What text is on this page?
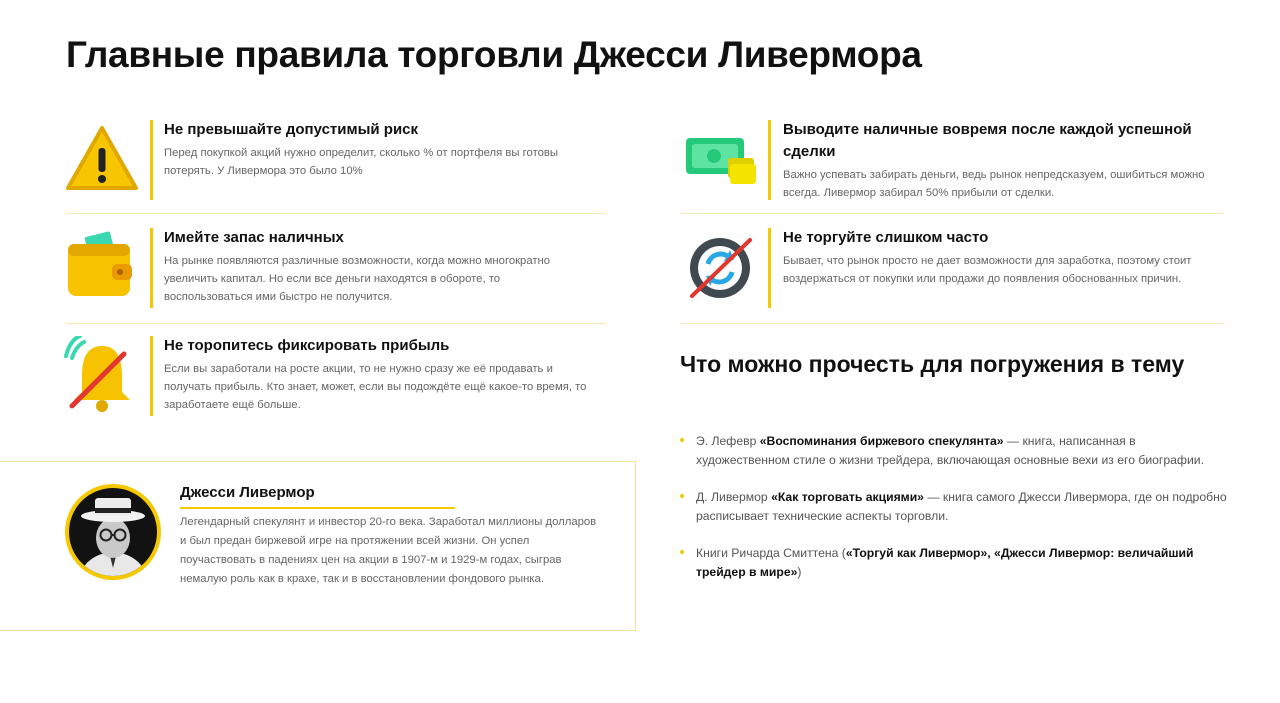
Главные правила торговли Джесси Ливермора
Не превышайте допустимый риск
Перед покупкой акций нужно определит, сколько % от портфеля вы готовы потерять. У Ливермора это было 10%
Имейте запас наличных
На рынке появляются различные возможности, когда можно многократно увеличить капитал. Но если все деньги находятся в обороте, то воспользоваться ими быстро не получится.
Не торопитесь фиксировать прибыль
Если вы заработали на росте акции, то не нужно сразу же её продавать и получать прибыль. Кто знает, может, если вы подождёте ещё какое-то время, то заработаете ещё больше.
Выводите наличные вовремя после каждой успешной сделки
Важно успевать забирать деньги, ведь рынок непредсказуем, ошибиться можно всегда. Ливермор забирал 50% прибыли от сделки.
Не торгуйте слишком часто
Бывает, что рынок просто не дает возможности для заработка, поэтому стоит воздержаться от покупки или продажи до появления обоснованных причин.
Джесси Ливермор
Легендарный спекулянт и инвестор 20-го века. Заработал миллионы долларов и был предан биржевой игре на протяжении всей жизни. Он успел поучаствовать в падениях цен на акции в 1907-м и 1929-м годах, сыграв немалую роль как в крахе, так и в восстановлении фондового рынка.
Что можно прочесть для погружения в тему
Э. Лефевр «Воспоминания биржевого спекулянта» — книга, написанная в художественном стиле о жизни трейдера, включающая основные вехи из его биографии.
Д. Ливермор «Как торговать акциями» — книга самого Джесси Ливермора, где он подробно расписывает технические аспекты торговли.
Книги Ричарда Смиттена («Торгуй как Ливермор», «Джесси Ливермор: величайший трейдер в мире»)
